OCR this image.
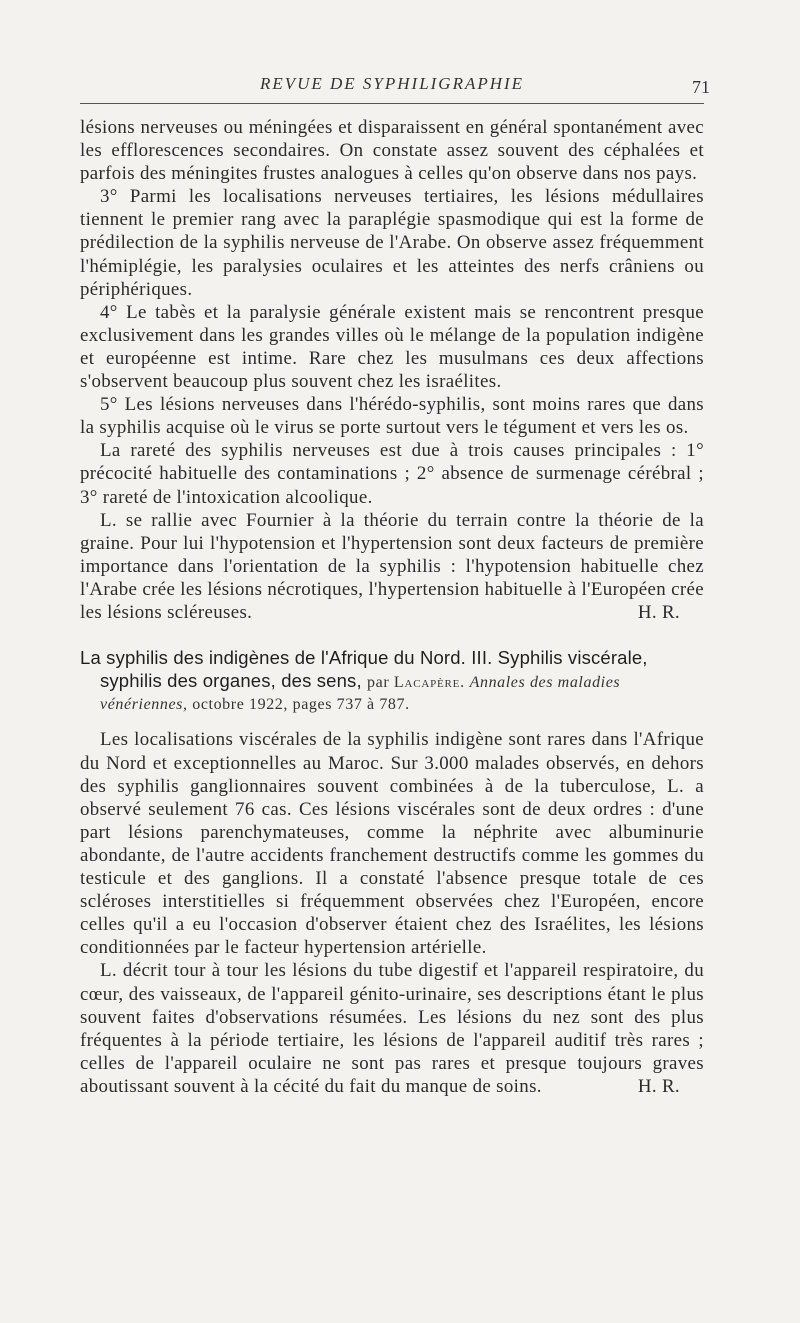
REVUE DE SYPHILIGRAPHIE	71

lésions nerveuses ou méningées et disparaissent en général spontanément avec les efflorescences secondaires. On constate assez souvent des céphalées et parfois des méningites frustes analogues à celles qu'on observe dans nos pays.

3° Parmi les localisations nerveuses tertiaires, les lésions médullaires tiennent le premier rang avec la paraplégie spasmodique qui est la forme de prédilection de la syphilis nerveuse de l'Arabe. On observe assez fréquemment l'hémiplégie, les paralysies oculaires et les atteintes des nerfs crâniens ou périphériques.

4° Le tabès et la paralysie générale existent mais se rencontrent presque exclusivement dans les grandes villes où le mélange de la population indigène et européenne est intime. Rare chez les musulmans ces deux affections s'observent beaucoup plus souvent chez les israélites.

5° Les lésions nerveuses dans l'hérédo-syphilis, sont moins rares que dans la syphilis acquise où le virus se porte surtout vers le tégument et vers les os.

La rareté des syphilis nerveuses est due à trois causes principales : 1° précocité habituelle des contaminations ; 2° absence de surmenage cérébral ; 3° rareté de l'intoxication alcoolique.

L. se rallie avec Fournier à la théorie du terrain contre la théorie de la graine. Pour lui l'hypotension et l'hypertension sont deux facteurs de première importance dans l'orientation de la syphilis : l'hypotension habituelle chez l'Arabe crée les lésions nécrotiques, l'hypertension habituelle à l'Européen crée les lésions scléreuses.	H. R.

La syphilis des indigènes de l'Afrique du Nord. III. Syphilis viscérale,
syphilis des organes, des sens, par Lacapère. Annales des maladies
vénériennes, octobre 1922, pages 737 à 787.

Les localisations viscérales de la syphilis indigène sont rares dans l'Afrique du Nord et exceptionnelles au Maroc. Sur 3.000 malades observés, en dehors des syphilis ganglionnaires souvent combinées à de la tuberculose, L. a observé seulement 76 cas. Ces lésions viscérales sont de deux ordres : d'une part lésions parenchymateuses, comme la néphrite avec albuminurie abondante, de l'autre accidents franchement destructifs comme les gommes du testicule et des ganglions. Il a constaté l'absence presque totale de ces scléroses interstitielles si fréquemment observées chez l'Européen, encore celles qu'il a eu l'occasion d'observer étaient chez des Israélites, les lésions conditionnées par le facteur hypertension artérielle.

L. décrit tour à tour les lésions du tube digestif et l'appareil respiratoire, du cœur, des vaisseaux, de l'appareil génito-urinaire, ses descriptions étant le plus souvent faites d'observations résumées. Les lésions du nez sont des plus fréquentes à la période tertiaire, les lésions de l'appareil auditif très rares ; celles de l'appareil oculaire ne sont pas rares et presque toujours graves aboutissant souvent à la cécité du fait du manque de soins.	H. R.
